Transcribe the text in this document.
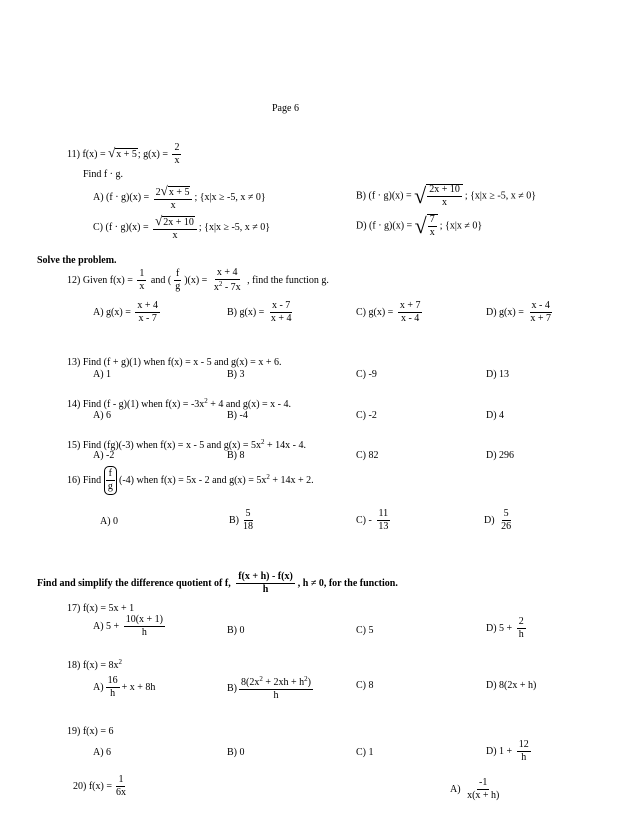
Page 6
11) f(x) = √x + 5; $g(x) = \frac{2}{x}$
Find f · g.
A) $(f \cdot g)(x) = \frac{2√x + 5}{x}$ ; {x|x ≥ -5, x ≠ 0}	B) (f · g)(x) = √ $\frac{2x + 10}{x}$ ; {x|x ≥ -5, x ≠ 0}
C) $(f \cdot g)(x) = \frac{√2x + 10}{x}$ ; {x|x ≥ -5, x ≠ 0}	D) (f · g)(x) = √ $\frac{7}{x}$ ; {x|x ≠ 0}
Solve the problem.
12) Given $f(x) = \frac{1}{x}$ and ( $\frac{f}{g} )(x) = \frac{x + 4}{x^2 - 7x}$ , find the function g.
A) $g(x) = \frac{x + 4}{x - 7}$	B) $g(x) = \frac{x - 7}{x + 4}$	C) $g(x) = \frac{x + 7}{x - 4}$	D) $g(x) = \frac{x - 4}{x + 7}$
13) Find (f + g)(1) when f(x) = x - 5 and g(x) = x + 6.
A) 1	B) 3	C) -9	D) 13
14) Find (f - g)(1) when $f(x) = -3x^2 + 4$ and g(x) = x - 4.
A) 6	B) -4	C) -2	D) 4
15) Find (fg)(-3) when f(x) = x - 5 and $g(x) = 5x^2 + 14x - 4$.
A) -2	B) 8	C) 82	D) 296
16) Find $\frac{f}{g} (-4)$ when f(x) = 5x - 2 and $g(x) = 5x^2 + 14x + 2$.
A) 0	$B) \frac{5}{18}$	$C) - \frac{11}{13}$	$D) \frac{5}{26}$
Find and simplify the difference quotient of f, $\frac{f(x + h) - f(x)}{h}$ , h ≠ 0, for the function.
17) f(x) = 5x + 1
A) $5 + \frac{10(x + 1)}{h}$	B) 0	C) 5	D) $5 + \frac{2}{h}$
18) $f(x) = 8x^2$
$A) \frac{16}{h} + x + 8h$	$B) \frac{8(2x^2 + 2xh + h^2)}{h}$	C) 8	D) 8(2x + h)
19) f(x) = 6
A) 6	B) 0	C) 1	D) $1 + \frac{12}{h}$
20) $f(x) = \frac{1}{6x}$	$A) \frac{-1}{x(x + h)}$
